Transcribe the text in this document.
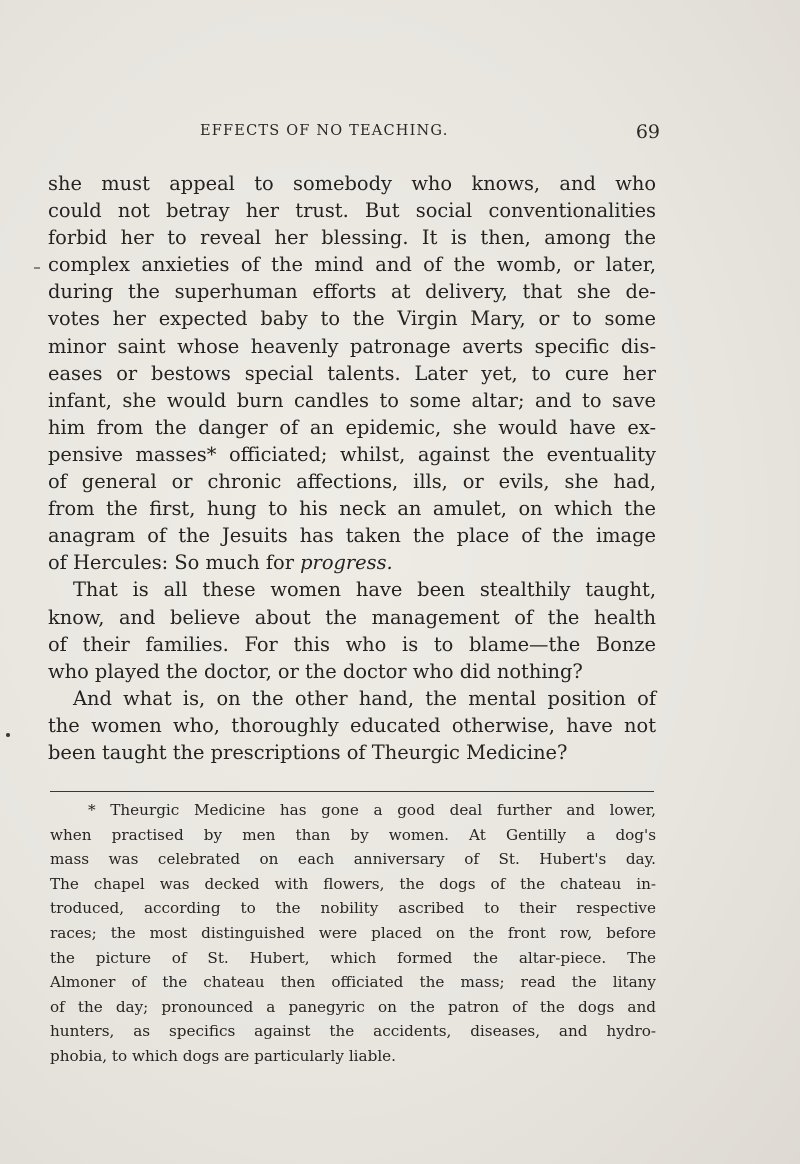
EFFECTS OF NO TEACHING.	69
she must appeal to somebody who knows, and who
could not betray her trust. But social conventionalities
forbid her to reveal her blessing. It is then, among the
complex anxieties of the mind and of the womb, or later,
during the superhuman efforts at delivery, that she de-
votes her expected baby to the Virgin Mary, or to some
minor saint whose heavenly patronage averts specific dis-
eases or bestows special talents. Later yet, to cure her
infant, she would burn candles to some altar; and to save
him from the danger of an epidemic, she would have ex-
pensive masses* officiated; whilst, against the eventuality
of general or chronic affections, ills, or evils, she had,
from the first, hung to his neck an amulet, on which the
anagram of the Jesuits has taken the place of the image
of Hercules: So much for progress.
That is all these women have been stealthily taught,
know, and believe about the management of the health
of their families. For this who is to blame—the Bonze
who played the doctor, or the doctor who did nothing?
And what is, on the other hand, the mental position of
the women who, thoroughly educated otherwise, have not
been taught the prescriptions of Theurgic Medicine?
* Theurgic Medicine has gone a good deal further and lower,
when practised by men than by women. At Gentilly a dog's
mass was celebrated on each anniversary of St. Hubert's day.
The chapel was decked with flowers, the dogs of the chateau in-
troduced, according to the nobility ascribed to their respective
races; the most distinguished were placed on the front row, before
the picture of St. Hubert, which formed the altar-piece. The
Almoner of the chateau then officiated the mass; read the litany
of the day; pronounced a panegyric on the patron of the dogs and
hunters, as specifics against the accidents, diseases, and hydro-
phobia, to which dogs are particularly liable.
